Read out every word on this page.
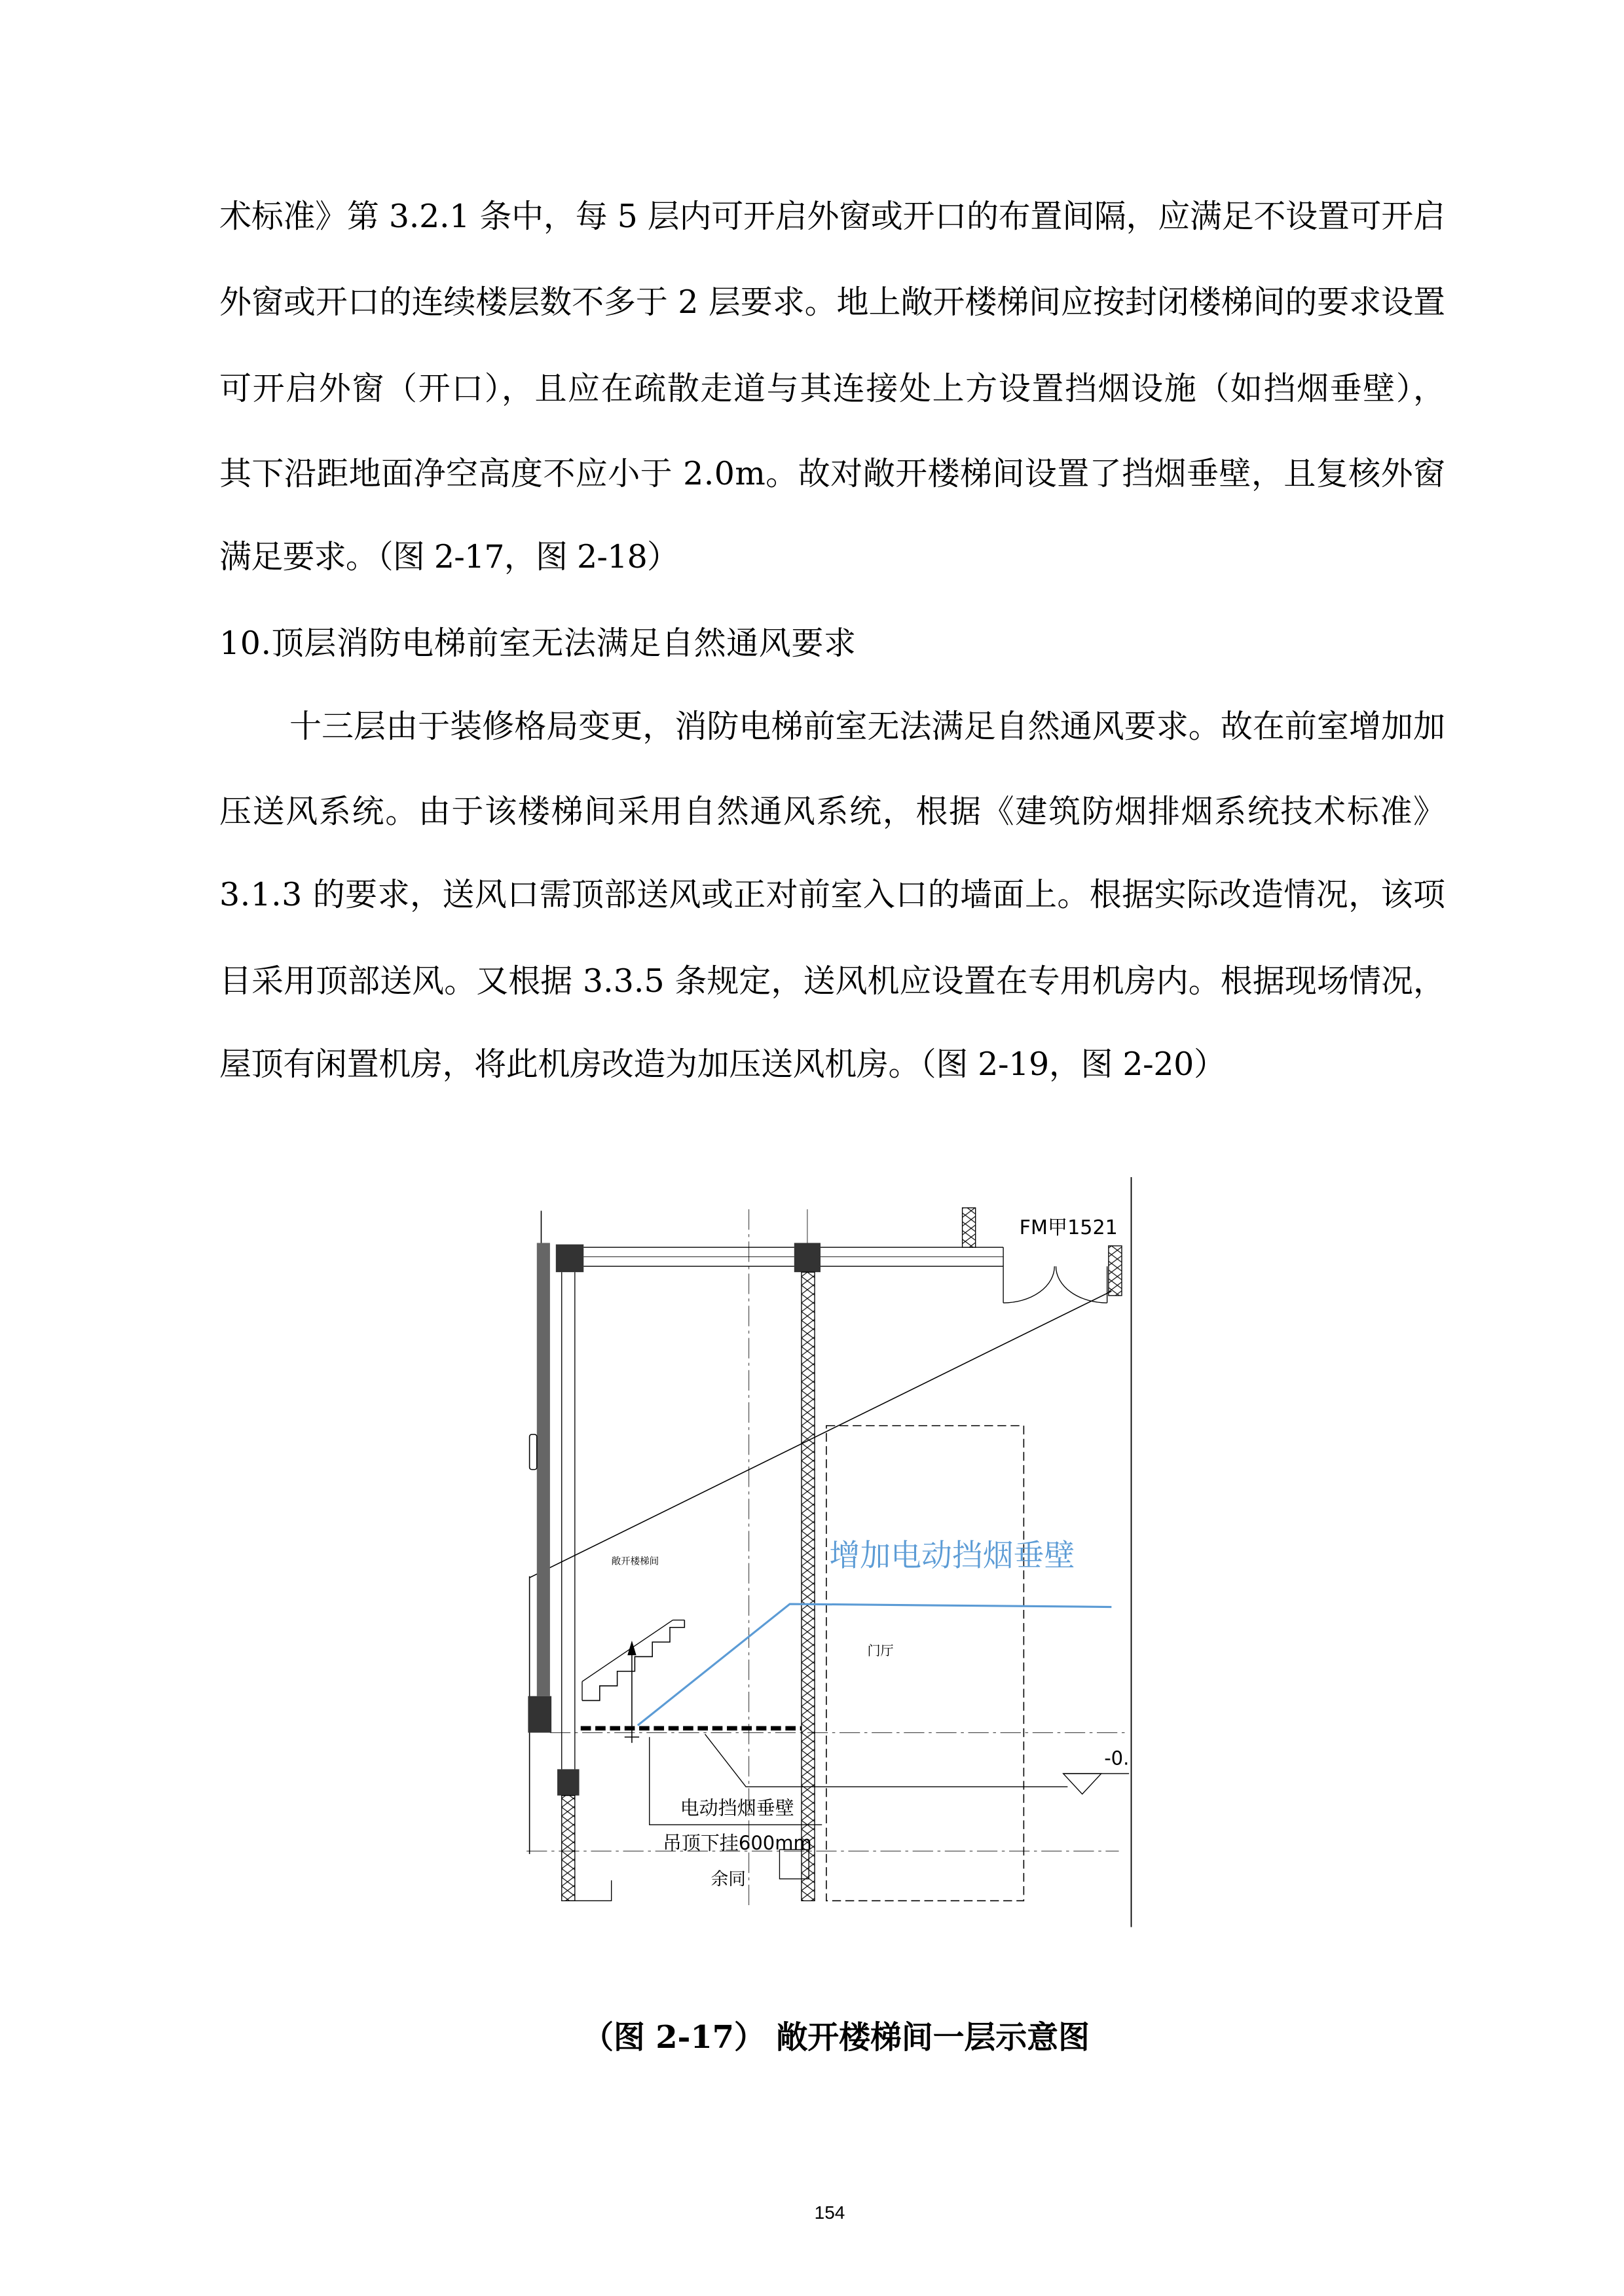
术标准》第 3.2.1 条中，每 5 层内可开启外窗或开口的布置间隔，应满足不设置可开启
外窗或开口的连续楼层数不多于 2 层要求。地上敞开楼梯间应按封闭楼梯间的要求设置
可开启外窗（开口），且应在疏散走道与其连接处上方设置挡烟设施（如挡烟垂壁），
其下沿距地面净空高度不应小于 2.0m。故对敞开楼梯间设置了挡烟垂壁，且复核外窗
满足要求。（图 2-17，图 2-18）
10.顶层消防电梯前室无法满足自然通风要求
十三层由于装修格局变更，消防电梯前室无法满足自然通风要求。故在前室增加加
压送风系统。由于该楼梯间采用自然通风系统，根据《建筑防烟排烟系统技术标准》
3.1.3 的要求，送风口需顶部送风或正对前室入口的墙面上。根据实际改造情况，该项
目采用顶部送风。又根据 3.3.5 条规定，送风机应设置在专用机房内。根据现场情况，
屋顶有闲置机房，将此机房改造为加压送风机房。（图 2-19，图 2-20）
FM甲1521
敞开楼梯间	增加电动挡烟垂壁
门厅
电动挡烟垂壁
吊顶下挂600mm
余同
-0.
（图 2-17） 敞开楼梯间一层示意图
154
